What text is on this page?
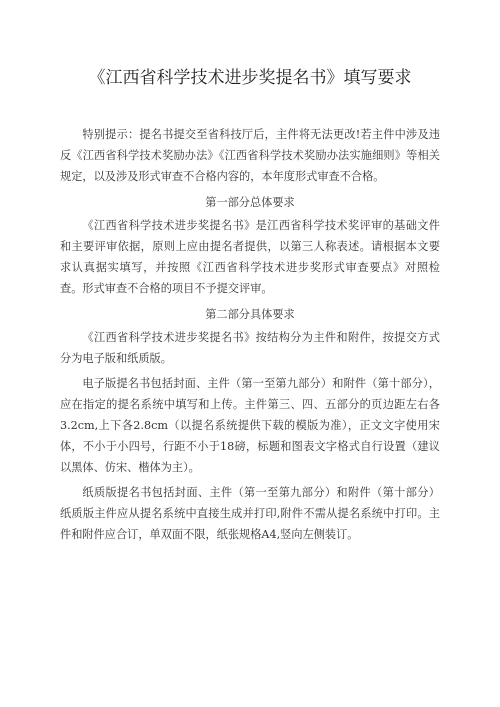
《江西省科学技术进步奖提名书》填写要求

特别提示：提名书提交至省科技厅后，主件将无法更改!若主件中涉及违反《江西省科学技术奖励办法》《江西省科学技术奖励办法实施细则》等相关规定，以及涉及形式审查不合格内容的，本年度形式审查不合格。

第一部分总体要求

《江西省科学技术进步奖提名书》是江西省科学技术奖评审的基础文件和主要评审依据，原则上应由提名者提供，以第三人称表述。请根据本文要求认真据实填写，并按照《江西省科学技术进步奖形式审查要点》对照检查。形式审查不合格的项目不予提交评审。

第二部分具体要求

《江西省科学技术进步奖提名书》按结构分为主件和附件，按提交方式分为电子版和纸质版。

电子版提名书包括封面、主件（第一至第九部分）和附件（第十部分），应在指定的提名系统中填写和上传。主件第三、四、五部分的页边距左右各3.2cm,上下各2.8cm（以提名系统提供下载的模版为准），正文文字使用宋体，不小于小四号，行距不小于18磅，标题和图表文字格式自行设置（建议以黑体、仿宋、楷体为主）。

纸质版提名书包括封面、主件（第一至第九部分）和附件（第十部分）纸质版主件应从提名系统中直接生成并打印,附件不需从提名系统中打印。主件和附件应合订，单双面不限，纸张规格A4,竖向左侧装订。
